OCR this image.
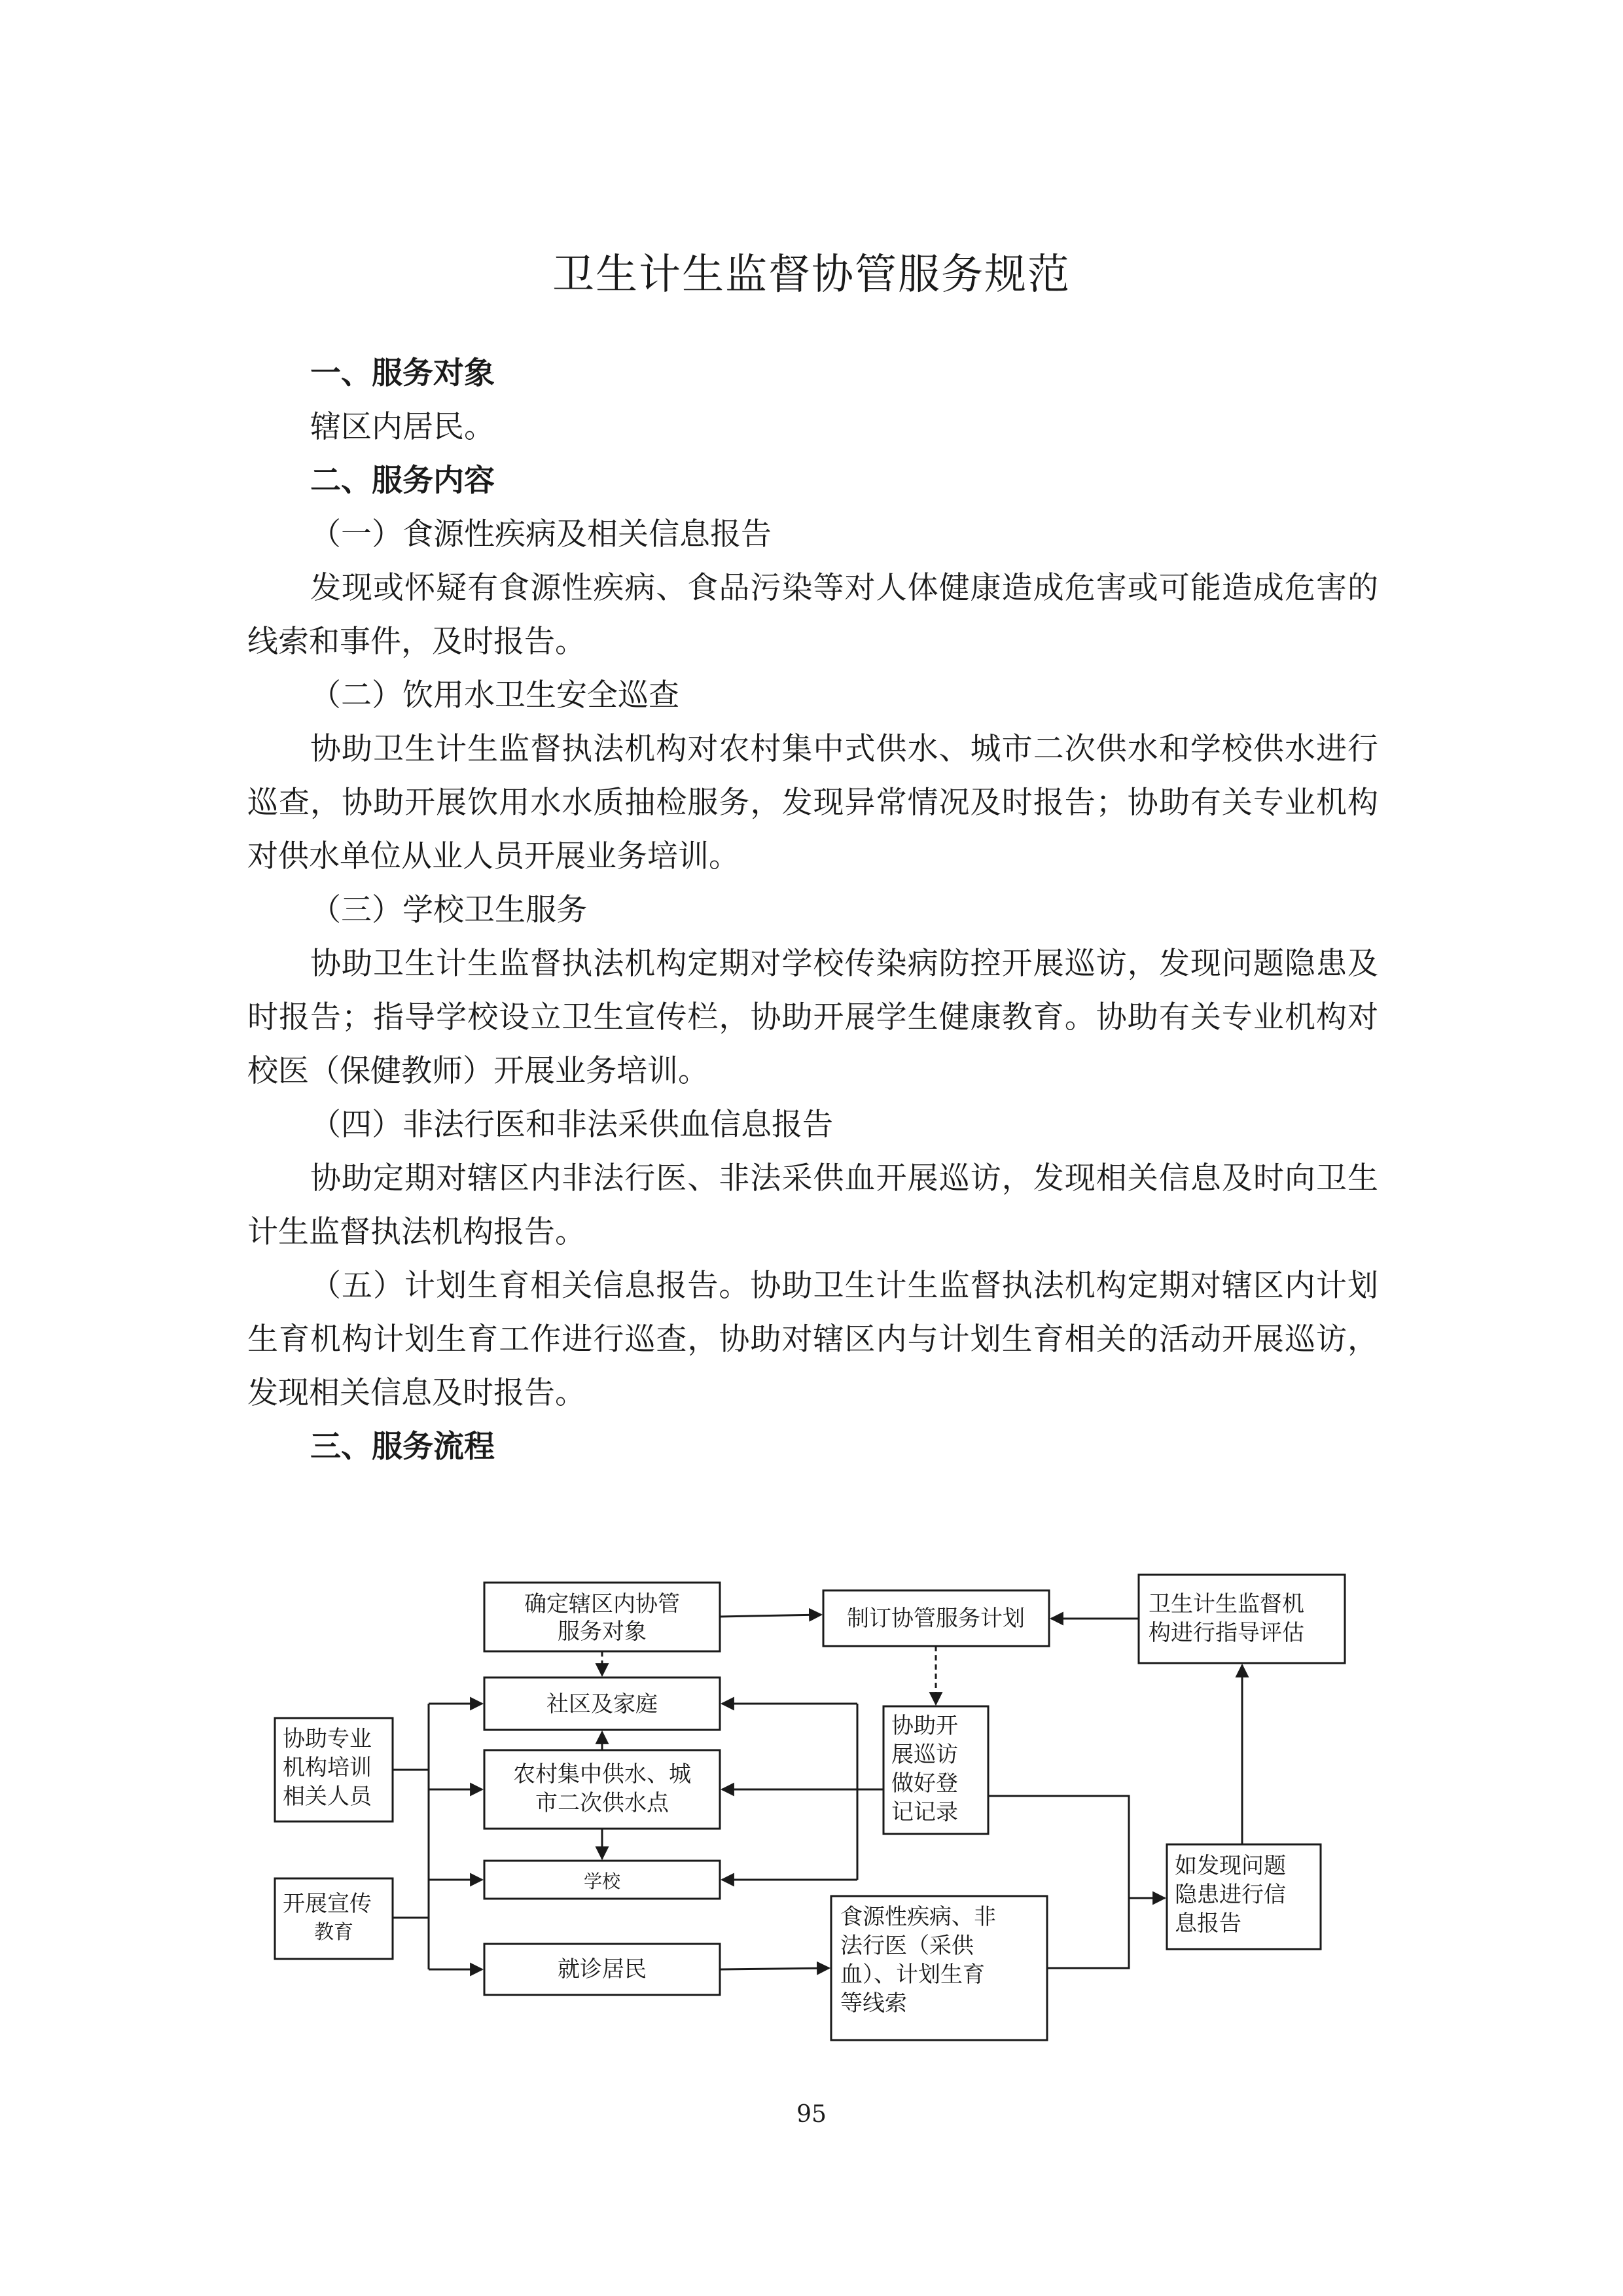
卫生计生监督协管服务规范

一、服务对象

辖区内居民。

二、服务内容

（一）食源性疾病及相关信息报告

发现或怀疑有食源性疾病、食品污染等对人体健康造成危害或可能造成危害的线索和事件，及时报告。

（二）饮用水卫生安全巡查

协助卫生计生监督执法机构对农村集中式供水、城市二次供水和学校供水进行巡查，协助开展饮用水水质抽检服务，发现异常情况及时报告；协助有关专业机构对供水单位从业人员开展业务培训。

（三）学校卫生服务

协助卫生计生监督执法机构定期对学校传染病防控开展巡访，发现问题隐患及时报告；指导学校设立卫生宣传栏，协助开展学生健康教育。协助有关专业机构对校医（保健教师）开展业务培训。

（四）非法行医和非法采供血信息报告

协助定期对辖区内非法行医、非法采供血开展巡访，发现相关信息及时向卫生计生监督执法机构报告。

（五）计划生育相关信息报告。协助卫生计生监督执法机构定期对辖区内计划生育机构计划生育工作进行巡查，协助对辖区内与计划生育相关的活动开展巡访，发现相关信息及时报告。

三、服务流程

确定辖区内协管
服务对象	制订协管服务计划
卫生计生监督机
构进行指导评估
社区及家庭
农村集中供水、城
市二次供水点
学校
就诊居民
协助专业
机构培训
相关人员
开展宣传
教育
协助开
展巡访
做好登
记记录
食源性疾病、非
法行医（采供
血）、计划生育
等线索
如发现问题
隐患进行信
息报告
95
